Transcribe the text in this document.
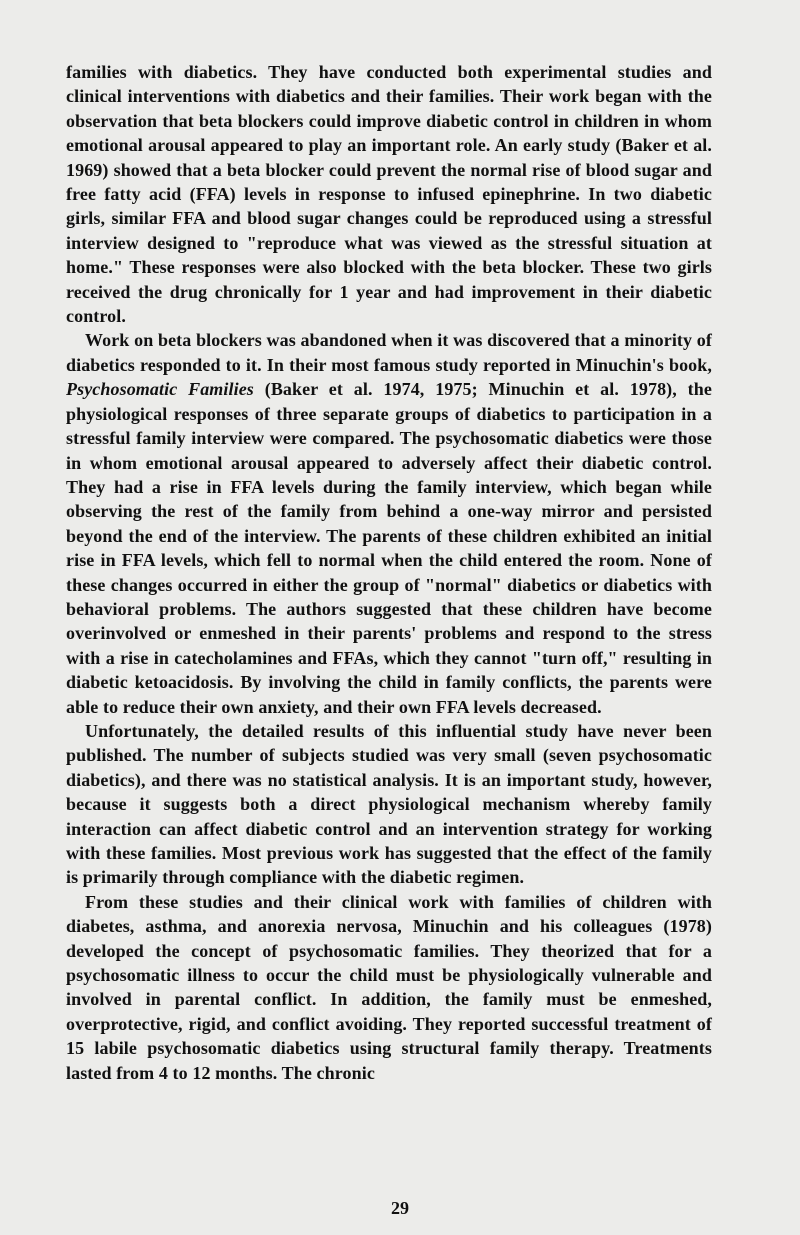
families with diabetics. They have conducted both experimental studies and clinical interventions with diabetics and their families. Their work began with the observation that beta blockers could improve diabetic control in children in whom emotional arousal appeared to play an important role. An early study (Baker et al. 1969) showed that a beta blocker could prevent the normal rise of blood sugar and free fatty acid (FFA) levels in response to infused epinephrine. In two diabetic girls, similar FFA and blood sugar changes could be reproduced using a stressful interview designed to "reproduce what was viewed as the stressful situation at home." These responses were also blocked with the beta blocker. These two girls received the drug chronically for 1 year and had improvement in their diabetic control.

Work on beta blockers was abandoned when it was discovered that a minority of diabetics responded to it. In their most famous study reported in Minuchin's book, Psychosomatic Families (Baker et al. 1974, 1975; Minuchin et al. 1978), the physiological responses of three separate groups of diabetics to participation in a stressful family interview were compared. The psychosomatic diabetics were those in whom emotional arousal appeared to adversely affect their diabetic control. They had a rise in FFA levels during the family interview, which began while observing the rest of the family from behind a one-way mirror and persisted beyond the end of the interview. The parents of these children exhibited an initial rise in FFA levels, which fell to normal when the child entered the room. None of these changes occurred in either the group of "normal" diabetics or diabetics with behavioral problems. The authors suggested that these children have become overinvolved or enmeshed in their parents' problems and respond to the stress with a rise in catecholamines and FFAs, which they cannot "turn off," resulting in diabetic ketoacidosis. By involving the child in family conflicts, the parents were able to reduce their own anxiety, and their own FFA levels decreased.

Unfortunately, the detailed results of this influential study have never been published. The number of subjects studied was very small (seven psychosomatic diabetics), and there was no statistical analysis. It is an important study, however, because it suggests both a direct physiological mechanism whereby family interaction can affect diabetic control and an intervention strategy for working with these families. Most previous work has suggested that the effect of the family is primarily through compliance with the diabetic regimen.

From these studies and their clinical work with families of children with diabetes, asthma, and anorexia nervosa, Minuchin and his colleagues (1978) developed the concept of psychosomatic families. They theorized that for a psychosomatic illness to occur the child must be physiologically vulnerable and involved in parental conflict. In addition, the family must be enmeshed, overprotective, rigid, and conflict avoiding. They reported successful treatment of 15 labile psychosomatic diabetics using structural family therapy. Treatments lasted from 4 to 12 months. The chronic

29
